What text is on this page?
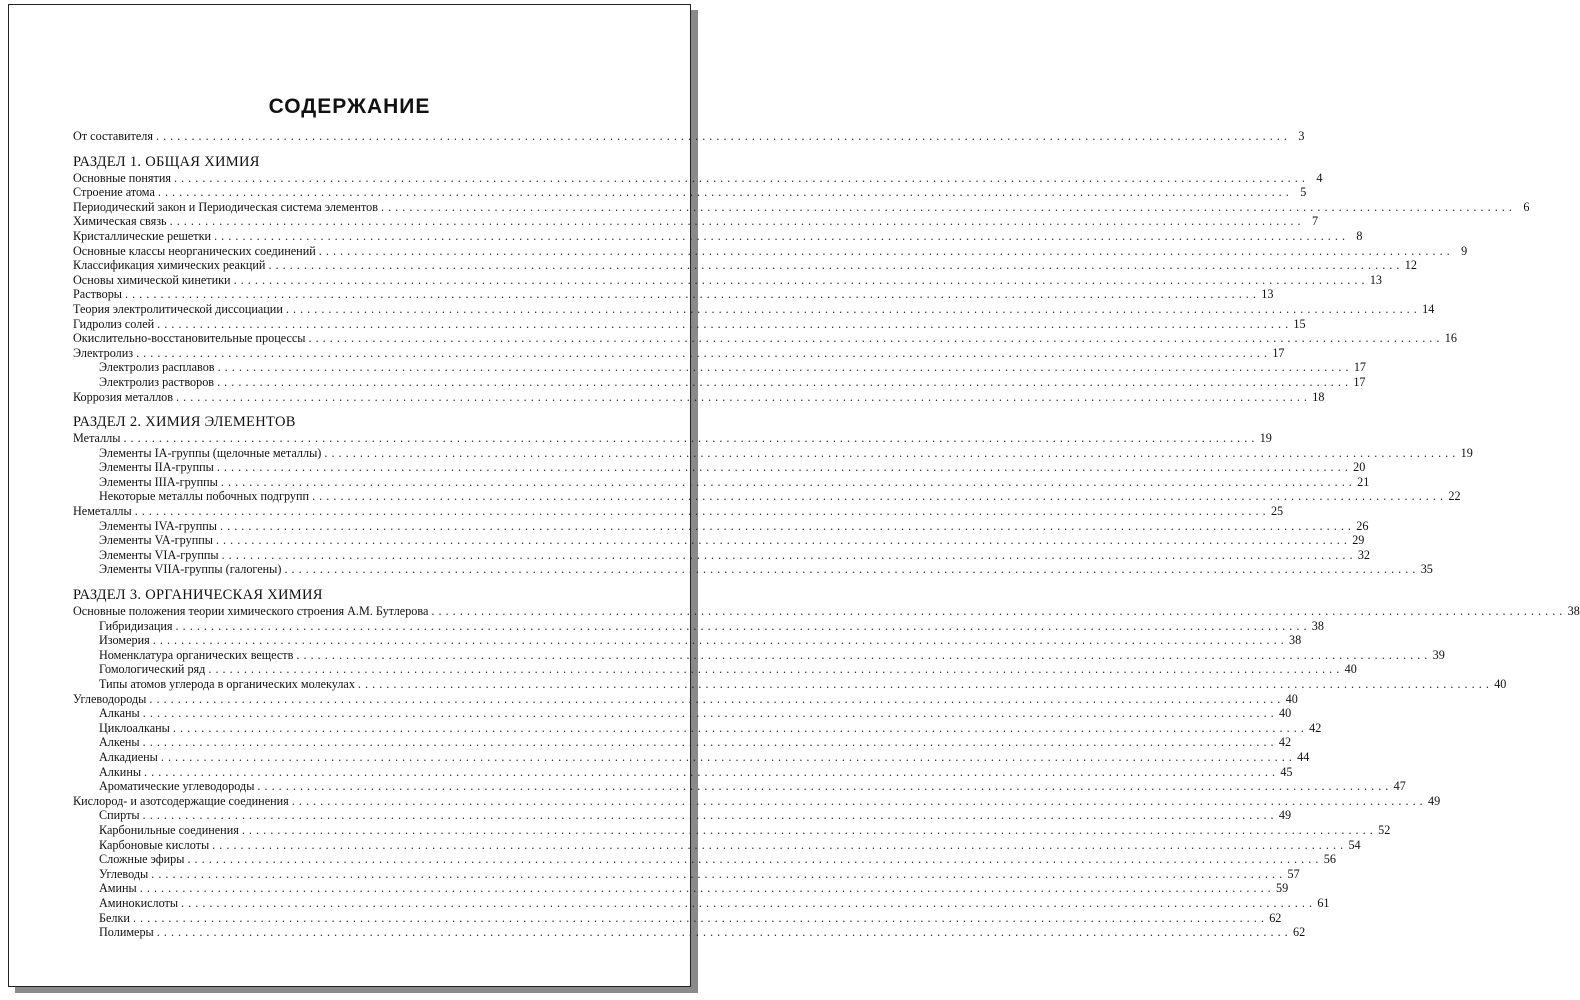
СОДЕРЖАНИЕ
От составителя . . . . . . . . . . . . . . . . . . . . . . . . . . . . . . . . . . . . . . . . . . . . . . . . . . . . . . . . . . . . . . . . . . . . . . . . . . . . . . . . . . . . . . . . . . . . . . . . . . . . . . . . . . . . . . . . . . . . . . . . . . . . . . . . . . . . . . . . . . . . . . . . . . . . . . . . . . . . . . . . 3
РАЗДЕЛ 1. ОБЩАЯ ХИМИЯ
Основные понятия . . . . . . . . . . . . . . . . . . . . . . . . . . . . . . . . . . . . . . . . . . . . . . . . . . . . . . . . . . . . . . . . . . . . . . . . . . . . . . . . . . . . . . . . . . . . . . . . . . . . . . . . . . . . . . . . . . . . . . . . . . . . . . . . . . . . . . . . . . . . . . . . . . . . . . . . . . . . . . . . 4
Строение атома . . . . . . . . . . . . . . . . . . . . . . . . . . . . . . . . . . . . . . . . . . . . . . . . . . . . . . . . . . . . . . . . . . . . . . . . . . . . . . . . . . . . . . . . . . . . . . . . . . . . . . . . . . . . . . . . . . . . . . . . . . . . . . . . . . . . . . . . . . . . . . . . . . . . . . . . . . . . . . . . 5
Периодический закон и Периодическая система элементов . . . . . . . . . . . . . . . . . . . . . . . . . . . . . . . . . . . . . . . . . . . . . . . . . . . . . . . . . . . . . . . . . . . . . . . . . . . . . . . . . . . . . . . . . . . . . . . . . . . . . . . . . . . . . . . . . . . . . . . . . . . . . . . . . . . . . . . . . . . . . . . . . . . . . . . . . . . . . . . . 6
Химическая связь . . . . . . . . . . . . . . . . . . . . . . . . . . . . . . . . . . . . . . . . . . . . . . . . . . . . . . . . . . . . . . . . . . . . . . . . . . . . . . . . . . . . . . . . . . . . . . . . . . . . . . . . . . . . . . . . . . . . . . . . . . . . . . . . . . . . . . . . . . . . . . . . . . . . . . . . . . . . . . . . 7
Кристаллические решетки . . . . . . . . . . . . . . . . . . . . . . . . . . . . . . . . . . . . . . . . . . . . . . . . . . . . . . . . . . . . . . . . . . . . . . . . . . . . . . . . . . . . . . . . . . . . . . . . . . . . . . . . . . . . . . . . . . . . . . . . . . . . . . . . . . . . . . . . . . . . . . . . . . . . . . . . . . . . . . . . 8
Основные классы неорганических соединений . . . . . . . . . . . . . . . . . . . . . . . . . . . . . . . . . . . . . . . . . . . . . . . . . . . . . . . . . . . . . . . . . . . . . . . . . . . . . . . . . . . . . . . . . . . . . . . . . . . . . . . . . . . . . . . . . . . . . . . . . . . . . . . . . . . . . . . . . . . . . . . . . . . . . . . . . . . . . . . . 9
Классификация химических реакций . . . . . . . . . . . . . . . . . . . . . . . . . . . . . . . . . . . . . . . . . . . . . . . . . . . . . . . . . . . . . . . . . . . . . . . . . . . . . . . . . . . . . . . . . . . . . . . . . . . . . . . . . . . . . . . . . . . . . . . . . . . . . . . . . . . . . . . . . . . . . . . . . . . . . . . . . . . . . . . . 12
Основы химической кинетики . . . . . . . . . . . . . . . . . . . . . . . . . . . . . . . . . . . . . . . . . . . . . . . . . . . . . . . . . . . . . . . . . . . . . . . . . . . . . . . . . . . . . . . . . . . . . . . . . . . . . . . . . . . . . . . . . . . . . . . . . . . . . . . . . . . . . . . . . . . . . . . . . . . . . . . . . . . . . . . . 13
Растворы . . . . . . . . . . . . . . . . . . . . . . . . . . . . . . . . . . . . . . . . . . . . . . . . . . . . . . . . . . . . . . . . . . . . . . . . . . . . . . . . . . . . . . . . . . . . . . . . . . . . . . . . . . . . . . . . . . . . . . . . . . . . . . . . . . . . . . . . . . . . . . . . . . . . . . . . . . . . . . . . 13
Теория электролитической диссоциации . . . . . . . . . . . . . . . . . . . . . . . . . . . . . . . . . . . . . . . . . . . . . . . . . . . . . . . . . . . . . . . . . . . . . . . . . . . . . . . . . . . . . . . . . . . . . . . . . . . . . . . . . . . . . . . . . . . . . . . . . . . . . . . . . . . . . . . . . . . . . . . . . . . . . . . . . . . . . . . . 14
Гидролиз солей . . . . . . . . . . . . . . . . . . . . . . . . . . . . . . . . . . . . . . . . . . . . . . . . . . . . . . . . . . . . . . . . . . . . . . . . . . . . . . . . . . . . . . . . . . . . . . . . . . . . . . . . . . . . . . . . . . . . . . . . . . . . . . . . . . . . . . . . . . . . . . . . . . . . . . . . . . . . . . . . 15
Окислительно-восстановительные процессы . . . . . . . . . . . . . . . . . . . . . . . . . . . . . . . . . . . . . . . . . . . . . . . . . . . . . . . . . . . . . . . . . . . . . . . . . . . . . . . . . . . . . . . . . . . . . . . . . . . . . . . . . . . . . . . . . . . . . . . . . . . . . . . . . . . . . . . . . . . . . . . . . . . . . . . . . . . . . . . . 16
Электролиз . . . . . . . . . . . . . . . . . . . . . . . . . . . . . . . . . . . . . . . . . . . . . . . . . . . . . . . . . . . . . . . . . . . . . . . . . . . . . . . . . . . . . . . . . . . . . . . . . . . . . . . . . . . . . . . . . . . . . . . . . . . . . . . . . . . . . . . . . . . . . . . . . . . . . . . . . . . . . . . . 17
Электролиз расплавов . . . . . . . . . . . . . . . . . . . . . . . . . . . . . . . . . . . . . . . . . . . . . . . . . . . . . . . . . . . . . . . . . . . . . . . . . . . . . . . . . . . . . . . . . . . . . . . . . . . . . . . . . . . . . . . . . . . . . . . . . . . . . . . . . . . . . . . . . . . . . . . . . . . . . . . . . . . . . . . . 17
Электролиз растворов . . . . . . . . . . . . . . . . . . . . . . . . . . . . . . . . . . . . . . . . . . . . . . . . . . . . . . . . . . . . . . . . . . . . . . . . . . . . . . . . . . . . . . . . . . . . . . . . . . . . . . . . . . . . . . . . . . . . . . . . . . . . . . . . . . . . . . . . . . . . . . . . . . . . . . . . . . . . . . . . 17
Коррозия металлов . . . . . . . . . . . . . . . . . . . . . . . . . . . . . . . . . . . . . . . . . . . . . . . . . . . . . . . . . . . . . . . . . . . . . . . . . . . . . . . . . . . . . . . . . . . . . . . . . . . . . . . . . . . . . . . . . . . . . . . . . . . . . . . . . . . . . . . . . . . . . . . . . . . . . . . . . . . . . . . . 18
РАЗДЕЛ 2. ХИМИЯ ЭЛЕМЕНТОВ
Металлы . . . . . . . . . . . . . . . . . . . . . . . . . . . . . . . . . . . . . . . . . . . . . . . . . . . . . . . . . . . . . . . . . . . . . . . . . . . . . . . . . . . . . . . . . . . . . . . . . . . . . . . . . . . . . . . . . . . . . . . . . . . . . . . . . . . . . . . . . . . . . . . . . . . . . . . . . . . . . . . . 19
Элементы IA-группы (щелочные металлы) . . . . . . . . . . . . . . . . . . . . . . . . . . . . . . . . . . . . . . . . . . . . . . . . . . . . . . . . . . . . . . . . . . . . . . . . . . . . . . . . . . . . . . . . . . . . . . . . . . . . . . . . . . . . . . . . . . . . . . . . . . . . . . . . . . . . . . . . . . . . . . . . . . . . . . . . . . . . . . . . 19
Элементы IIA-группы . . . . . . . . . . . . . . . . . . . . . . . . . . . . . . . . . . . . . . . . . . . . . . . . . . . . . . . . . . . . . . . . . . . . . . . . . . . . . . . . . . . . . . . . . . . . . . . . . . . . . . . . . . . . . . . . . . . . . . . . . . . . . . . . . . . . . . . . . . . . . . . . . . . . . . . . . . . . . . . . 20
Элементы IIIA-группы . . . . . . . . . . . . . . . . . . . . . . . . . . . . . . . . . . . . . . . . . . . . . . . . . . . . . . . . . . . . . . . . . . . . . . . . . . . . . . . . . . . . . . . . . . . . . . . . . . . . . . . . . . . . . . . . . . . . . . . . . . . . . . . . . . . . . . . . . . . . . . . . . . . . . . . . . . . . . . . . 21
Некоторые металлы побочных подгрупп . . . . . . . . . . . . . . . . . . . . . . . . . . . . . . . . . . . . . . . . . . . . . . . . . . . . . . . . . . . . . . . . . . . . . . . . . . . . . . . . . . . . . . . . . . . . . . . . . . . . . . . . . . . . . . . . . . . . . . . . . . . . . . . . . . . . . . . . . . . . . . . . . . . . . . . . . . . . . . . . 22
Неметаллы . . . . . . . . . . . . . . . . . . . . . . . . . . . . . . . . . . . . . . . . . . . . . . . . . . . . . . . . . . . . . . . . . . . . . . . . . . . . . . . . . . . . . . . . . . . . . . . . . . . . . . . . . . . . . . . . . . . . . . . . . . . . . . . . . . . . . . . . . . . . . . . . . . . . . . . . . . . . . . . . 25
Элементы IVA-группы . . . . . . . . . . . . . . . . . . . . . . . . . . . . . . . . . . . . . . . . . . . . . . . . . . . . . . . . . . . . . . . . . . . . . . . . . . . . . . . . . . . . . . . . . . . . . . . . . . . . . . . . . . . . . . . . . . . . . . . . . . . . . . . . . . . . . . . . . . . . . . . . . . . . . . . . . . . . . . . . 26
Элементы VA-группы . . . . . . . . . . . . . . . . . . . . . . . . . . . . . . . . . . . . . . . . . . . . . . . . . . . . . . . . . . . . . . . . . . . . . . . . . . . . . . . . . . . . . . . . . . . . . . . . . . . . . . . . . . . . . . . . . . . . . . . . . . . . . . . . . . . . . . . . . . . . . . . . . . . . . . . . . . . . . . . . 29
Элементы VIA-группы . . . . . . . . . . . . . . . . . . . . . . . . . . . . . . . . . . . . . . . . . . . . . . . . . . . . . . . . . . . . . . . . . . . . . . . . . . . . . . . . . . . . . . . . . . . . . . . . . . . . . . . . . . . . . . . . . . . . . . . . . . . . . . . . . . . . . . . . . . . . . . . . . . . . . . . . . . . . . . . . 32
Элементы VIIA-группы (галогены) . . . . . . . . . . . . . . . . . . . . . . . . . . . . . . . . . . . . . . . . . . . . . . . . . . . . . . . . . . . . . . . . . . . . . . . . . . . . . . . . . . . . . . . . . . . . . . . . . . . . . . . . . . . . . . . . . . . . . . . . . . . . . . . . . . . . . . . . . . . . . . . . . . . . . . . . . . . . . . . . 35
РАЗДЕЛ 3. ОРГАНИЧЕСКАЯ ХИМИЯ
Основные положения теории химического строения А.М. Бутлерова . . . . . . . . . . . . . . . . . . . . . . . . . . . . . . . . . . . . . . . . . . . . . . . . . . . . . . . . . . . . . . . . . . . . . . . . . . . . . . . . . . . . . . . . . . . . . . . . . . . . . . . . . . . . . . . . . . . . . . . . . . . . . . . . . . . . . . . . . . . . . . . . . . . . . . . . . . . . . . . . 38
Гибридизация . . . . . . . . . . . . . . . . . . . . . . . . . . . . . . . . . . . . . . . . . . . . . . . . . . . . . . . . . . . . . . . . . . . . . . . . . . . . . . . . . . . . . . . . . . . . . . . . . . . . . . . . . . . . . . . . . . . . . . . . . . . . . . . . . . . . . . . . . . . . . . . . . . . . . . . . . . . . . . . . 38
Изомерия . . . . . . . . . . . . . . . . . . . . . . . . . . . . . . . . . . . . . . . . . . . . . . . . . . . . . . . . . . . . . . . . . . . . . . . . . . . . . . . . . . . . . . . . . . . . . . . . . . . . . . . . . . . . . . . . . . . . . . . . . . . . . . . . . . . . . . . . . . . . . . . . . . . . . . . . . . . . . . . . 38
Номенклатура органических веществ . . . . . . . . . . . . . . . . . . . . . . . . . . . . . . . . . . . . . . . . . . . . . . . . . . . . . . . . . . . . . . . . . . . . . . . . . . . . . . . . . . . . . . . . . . . . . . . . . . . . . . . . . . . . . . . . . . . . . . . . . . . . . . . . . . . . . . . . . . . . . . . . . . . . . . . . . . . . . . . . 39
Гомологический ряд . . . . . . . . . . . . . . . . . . . . . . . . . . . . . . . . . . . . . . . . . . . . . . . . . . . . . . . . . . . . . . . . . . . . . . . . . . . . . . . . . . . . . . . . . . . . . . . . . . . . . . . . . . . . . . . . . . . . . . . . . . . . . . . . . . . . . . . . . . . . . . . . . . . . . . . . . . . . . . . . 40
Типы атомов углерода в органических молекулах . . . . . . . . . . . . . . . . . . . . . . . . . . . . . . . . . . . . . . . . . . . . . . . . . . . . . . . . . . . . . . . . . . . . . . . . . . . . . . . . . . . . . . . . . . . . . . . . . . . . . . . . . . . . . . . . . . . . . . . . . . . . . . . . . . . . . . . . . . . . . . . . . . . . . . . . . . . . . . . . 40
Углеводороды . . . . . . . . . . . . . . . . . . . . . . . . . . . . . . . . . . . . . . . . . . . . . . . . . . . . . . . . . . . . . . . . . . . . . . . . . . . . . . . . . . . . . . . . . . . . . . . . . . . . . . . . . . . . . . . . . . . . . . . . . . . . . . . . . . . . . . . . . . . . . . . . . . . . . . . . . . . . . . . . 40
Алканы . . . . . . . . . . . . . . . . . . . . . . . . . . . . . . . . . . . . . . . . . . . . . . . . . . . . . . . . . . . . . . . . . . . . . . . . . . . . . . . . . . . . . . . . . . . . . . . . . . . . . . . . . . . . . . . . . . . . . . . . . . . . . . . . . . . . . . . . . . . . . . . . . . . . . . . . . . . . . . . . 40
Циклоалканы . . . . . . . . . . . . . . . . . . . . . . . . . . . . . . . . . . . . . . . . . . . . . . . . . . . . . . . . . . . . . . . . . . . . . . . . . . . . . . . . . . . . . . . . . . . . . . . . . . . . . . . . . . . . . . . . . . . . . . . . . . . . . . . . . . . . . . . . . . . . . . . . . . . . . . . . . . . . . . . . 42
Алкены . . . . . . . . . . . . . . . . . . . . . . . . . . . . . . . . . . . . . . . . . . . . . . . . . . . . . . . . . . . . . . . . . . . . . . . . . . . . . . . . . . . . . . . . . . . . . . . . . . . . . . . . . . . . . . . . . . . . . . . . . . . . . . . . . . . . . . . . . . . . . . . . . . . . . . . . . . . . . . . . 42
Алкадиены . . . . . . . . . . . . . . . . . . . . . . . . . . . . . . . . . . . . . . . . . . . . . . . . . . . . . . . . . . . . . . . . . . . . . . . . . . . . . . . . . . . . . . . . . . . . . . . . . . . . . . . . . . . . . . . . . . . . . . . . . . . . . . . . . . . . . . . . . . . . . . . . . . . . . . . . . . . . . . . . 44
Алкины . . . . . . . . . . . . . . . . . . . . . . . . . . . . . . . . . . . . . . . . . . . . . . . . . . . . . . . . . . . . . . . . . . . . . . . . . . . . . . . . . . . . . . . . . . . . . . . . . . . . . . . . . . . . . . . . . . . . . . . . . . . . . . . . . . . . . . . . . . . . . . . . . . . . . . . . . . . . . . . . 45
Ароматические углеводороды . . . . . . . . . . . . . . . . . . . . . . . . . . . . . . . . . . . . . . . . . . . . . . . . . . . . . . . . . . . . . . . . . . . . . . . . . . . . . . . . . . . . . . . . . . . . . . . . . . . . . . . . . . . . . . . . . . . . . . . . . . . . . . . . . . . . . . . . . . . . . . . . . . . . . . . . . . . . . . . . 47
Кислород- и азотсодержащие соединения . . . . . . . . . . . . . . . . . . . . . . . . . . . . . . . . . . . . . . . . . . . . . . . . . . . . . . . . . . . . . . . . . . . . . . . . . . . . . . . . . . . . . . . . . . . . . . . . . . . . . . . . . . . . . . . . . . . . . . . . . . . . . . . . . . . . . . . . . . . . . . . . . . . . . . . . . . . . . . . . 49
Спирты . . . . . . . . . . . . . . . . . . . . . . . . . . . . . . . . . . . . . . . . . . . . . . . . . . . . . . . . . . . . . . . . . . . . . . . . . . . . . . . . . . . . . . . . . . . . . . . . . . . . . . . . . . . . . . . . . . . . . . . . . . . . . . . . . . . . . . . . . . . . . . . . . . . . . . . . . . . . . . . . 49
Карбонильные соединения . . . . . . . . . . . . . . . . . . . . . . . . . . . . . . . . . . . . . . . . . . . . . . . . . . . . . . . . . . . . . . . . . . . . . . . . . . . . . . . . . . . . . . . . . . . . . . . . . . . . . . . . . . . . . . . . . . . . . . . . . . . . . . . . . . . . . . . . . . . . . . . . . . . . . . . . . . . . . . . . 52
Карбоновые кислоты . . . . . . . . . . . . . . . . . . . . . . . . . . . . . . . . . . . . . . . . . . . . . . . . . . . . . . . . . . . . . . . . . . . . . . . . . . . . . . . . . . . . . . . . . . . . . . . . . . . . . . . . . . . . . . . . . . . . . . . . . . . . . . . . . . . . . . . . . . . . . . . . . . . . . . . . . . . . . . . . 54
Сложные эфиры . . . . . . . . . . . . . . . . . . . . . . . . . . . . . . . . . . . . . . . . . . . . . . . . . . . . . . . . . . . . . . . . . . . . . . . . . . . . . . . . . . . . . . . . . . . . . . . . . . . . . . . . . . . . . . . . . . . . . . . . . . . . . . . . . . . . . . . . . . . . . . . . . . . . . . . . . . . . . . . . 56
Углеводы . . . . . . . . . . . . . . . . . . . . . . . . . . . . . . . . . . . . . . . . . . . . . . . . . . . . . . . . . . . . . . . . . . . . . . . . . . . . . . . . . . . . . . . . . . . . . . . . . . . . . . . . . . . . . . . . . . . . . . . . . . . . . . . . . . . . . . . . . . . . . . . . . . . . . . . . . . . . . . . . 57
Амины . . . . . . . . . . . . . . . . . . . . . . . . . . . . . . . . . . . . . . . . . . . . . . . . . . . . . . . . . . . . . . . . . . . . . . . . . . . . . . . . . . . . . . . . . . . . . . . . . . . . . . . . . . . . . . . . . . . . . . . . . . . . . . . . . . . . . . . . . . . . . . . . . . . . . . . . . . . . . . . . 59
Аминокислоты . . . . . . . . . . . . . . . . . . . . . . . . . . . . . . . . . . . . . . . . . . . . . . . . . . . . . . . . . . . . . . . . . . . . . . . . . . . . . . . . . . . . . . . . . . . . . . . . . . . . . . . . . . . . . . . . . . . . . . . . . . . . . . . . . . . . . . . . . . . . . . . . . . . . . . . . . . . . . . . . 61
Белки . . . . . . . . . . . . . . . . . . . . . . . . . . . . . . . . . . . . . . . . . . . . . . . . . . . . . . . . . . . . . . . . . . . . . . . . . . . . . . . . . . . . . . . . . . . . . . . . . . . . . . . . . . . . . . . . . . . . . . . . . . . . . . . . . . . . . . . . . . . . . . . . . . . . . . . . . . . . . . . . 62
Полимеры . . . . . . . . . . . . . . . . . . . . . . . . . . . . . . . . . . . . . . . . . . . . . . . . . . . . . . . . . . . . . . . . . . . . . . . . . . . . . . . . . . . . . . . . . . . . . . . . . . . . . . . . . . . . . . . . . . . . . . . . . . . . . . . . . . . . . . . . . . . . . . . . . . . . . . . . . . . . . . . . 62
